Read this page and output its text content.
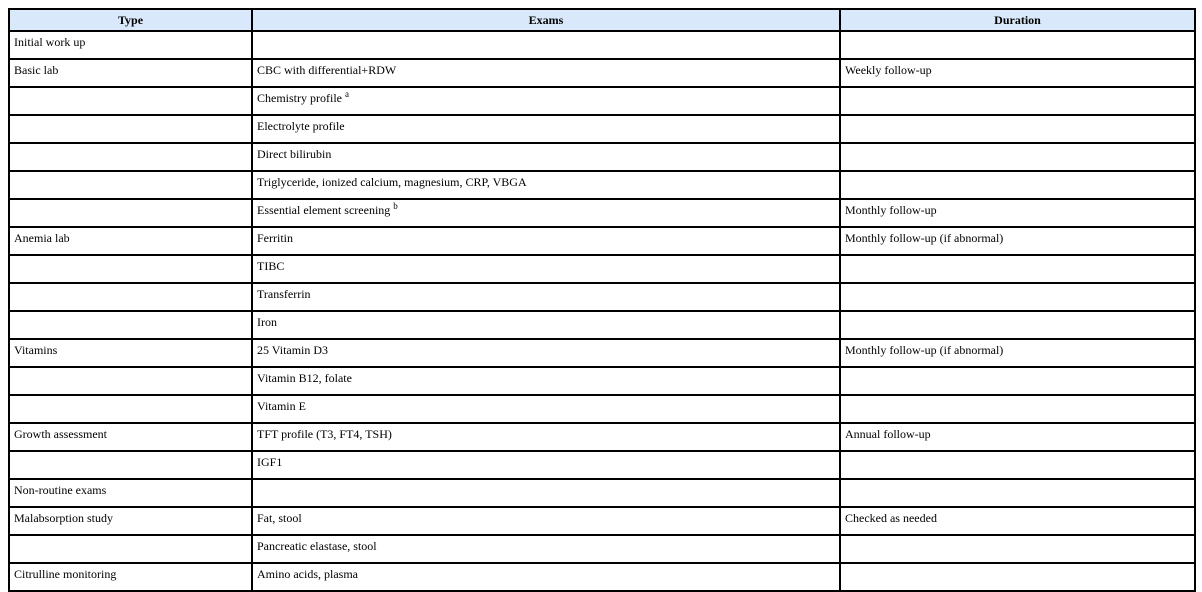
Type	Exams	Duration
Initial work up		
Basic lab	CBC with differential+RDW	Weekly follow-up
	Chemistry profile $^a$	
	Electrolyte profile	
	Direct bilirubin	
	Triglyceride, ionized calcium, magnesium, CRP, VBGA	
	Essential element screening $^b$	Monthly follow-up
Anemia lab	Ferritin	Monthly follow-up (if abnormal)
	TIBC	
	Transferrin	
	Iron	
Vitamins	25 Vitamin D3	Monthly follow-up (if abnormal)
	Vitamin B12, folate	
	Vitamin E	
Growth assessment	TFT profile (T3, FT4, TSH)	Annual follow-up
	IGF1	
Non-routine exams		
Malabsorption study	Fat, stool	Checked as needed
	Pancreatic elastase, stool	
Citrulline monitoring	Amino acids, plasma	
